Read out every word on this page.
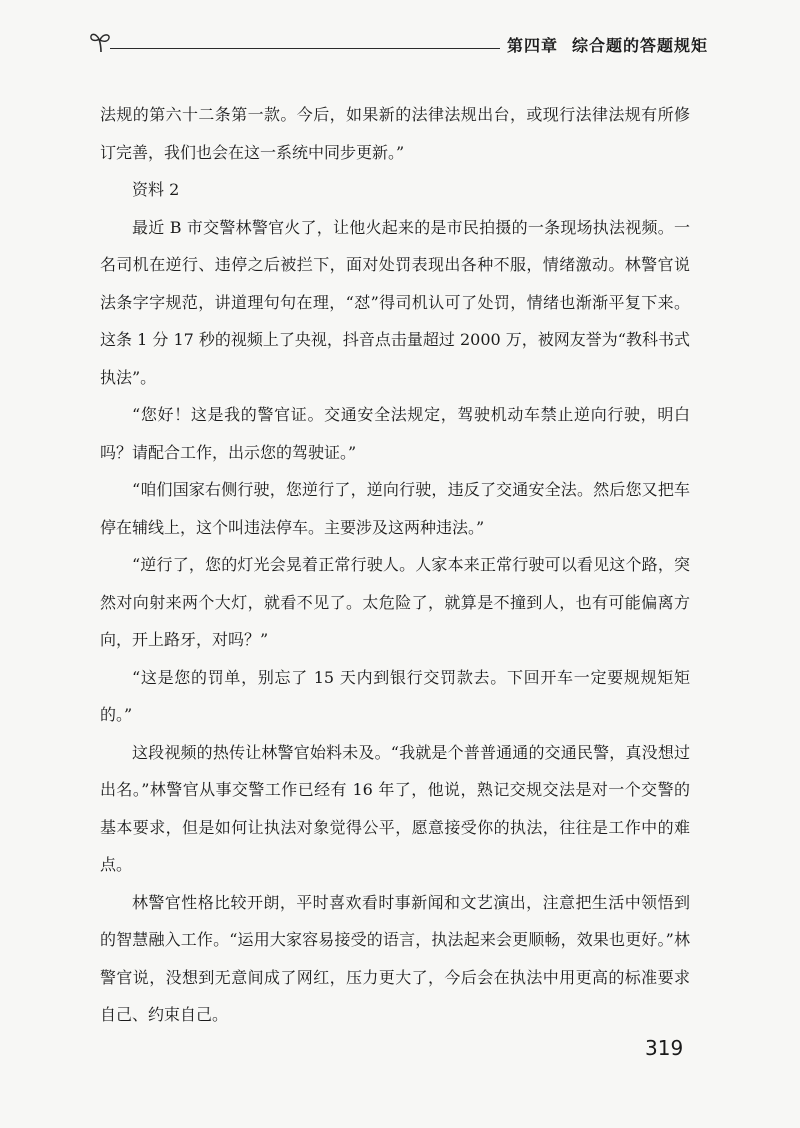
第四章 综合题的答题规矩

法规的第六十二条第一款。今后，如果新的法律法规出台，或现行法律法规有所修订完善，我们也会在这一系统中同步更新。”

资料 2

最近 B 市交警林警官火了，让他火起来的是市民拍摄的一条现场执法视频。一名司机在逆行、违停之后被拦下，面对处罚表现出各种不服，情绪激动。林警官说法条字字规范，讲道理句句在理，“怼”得司机认可了处罚，情绪也渐渐平复下来。这条 1 分 17 秒的视频上了央视，抖音点击量超过 2000 万，被网友誉为“教科书式执法”。

“您好！这是我的警官证。交通安全法规定，驾驶机动车禁止逆向行驶，明白吗？请配合工作，出示您的驾驶证。”

“咱们国家右侧行驶，您逆行了，逆向行驶，违反了交通安全法。然后您又把车停在辅线上，这个叫违法停车。主要涉及这两种违法。”

“逆行了，您的灯光会晃着正常行驶人。人家本来正常行驶可以看见这个路，突然对向射来两个大灯，就看不见了。太危险了，就算是不撞到人，也有可能偏离方向，开上路牙，对吗？”

“这是您的罚单，别忘了 15 天内到银行交罚款去。下回开车一定要规规矩矩的。”

这段视频的热传让林警官始料未及。“我就是个普普通通的交通民警，真没想过出名。”林警官从事交警工作已经有 16 年了，他说，熟记交规交法是对一个交警的基本要求，但是如何让执法对象觉得公平，愿意接受你的执法，往往是工作中的难点。

林警官性格比较开朗，平时喜欢看时事新闻和文艺演出，注意把生活中领悟到的智慧融入工作。“运用大家容易接受的语言，执法起来会更顺畅，效果也更好。”林警官说，没想到无意间成了网红，压力更大了，今后会在执法中用更高的标准要求自己、约束自己。

319
